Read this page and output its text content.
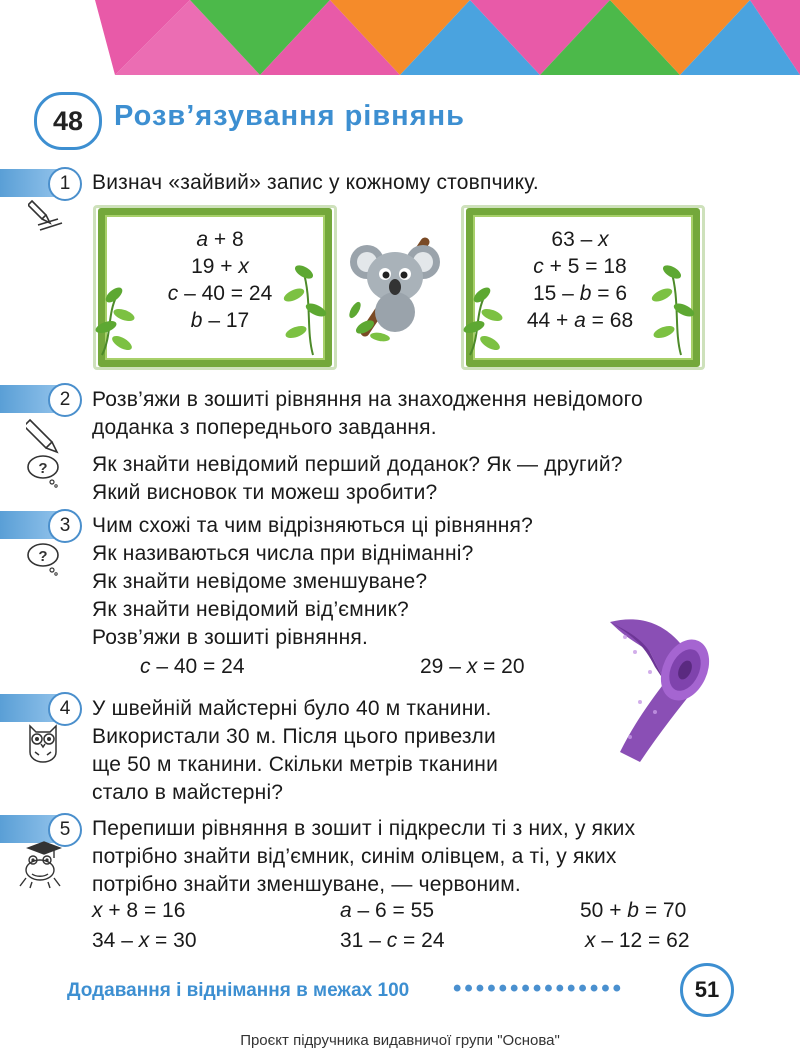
48	Розв’язування рівнянь
1	Визнач «зайвий» запис у кожному стовпчику.
a + 8
19 + x
c – 40 = 24
b – 17
63 – x
c + 5 = 18
15 – b = 6
44 + a = 68
2	Розв’яжи в зошиті рівняння на знаходження невідомого
доданка з попереднього завдання.
Як знайти невідомий перший доданок? Як — другий?
Який висновок ти можеш зробити?
?
3	Чим схожі та чим відрізняються ці рівняння?
Як називаються числа при відніманні?
Як знайти невідоме зменшуване?
Як знайти невідомий від’ємник?
Розв’яжи в зошиті рівняння.
?
c – 40 = 24	29 – x = 20
4	У швейній майстерні було 40 м тканини.
Використали 30 м. Після цього привезли
ще 50 м тканини. Скільки метрів тканини
стало в майстерні?
5	Перепиши рівняння в зошит і підкресли ті з них, у яких
потрібно знайти від’ємник, синім олівцем, а ті, у яких
потрібно знайти зменшуване, — червоним.
x + 8 = 16	a – 6 = 55	50 + b = 70
34 – x = 30	31 – c = 24	x – 12 = 62
Додавання і віднімання в межах 100 •••••••••••••••	51
Проєкт підручника видавничої групи "Основа"
